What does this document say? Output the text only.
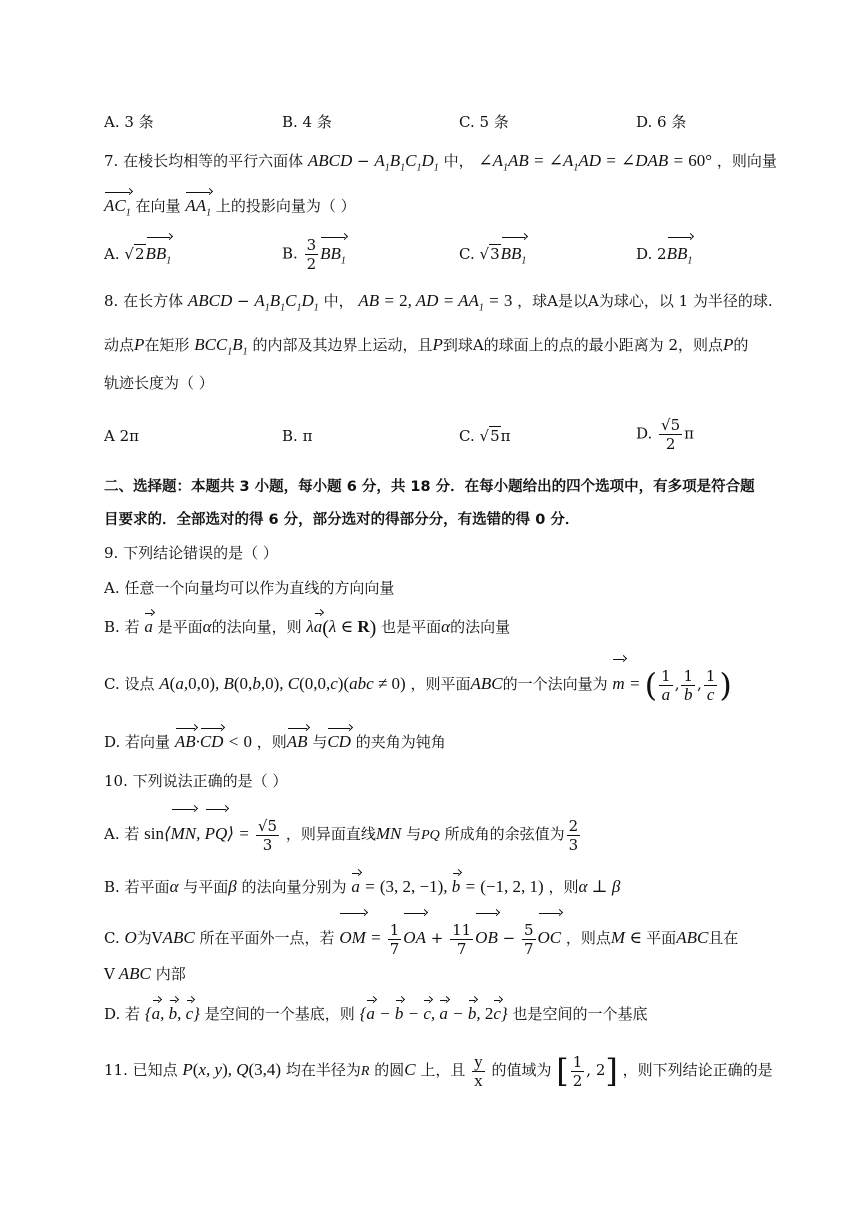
A. 3 条	B. 4 条	C. 5 条	D. 6 条
7. 在棱长均相等的平行六面体 ABCD − $A_1B_1C_1D_1$ 中， $\angle A_1AB$ = $\angle A_1AD$ = ∠DAB = 60° ，则向量
$AC_1$ 在向量 $AA_1$ 上的投影向量为（ ）
A. $√2BB_1$	B. $\frac{3}{2} BB_1$	C. $√3BB_1$	D. $2BB_1$
8. 在长方体 ABCD − $A_1B_1C_1D_1$ 中， AB = 2, AD = $AA_1 = 3$ ，球A是以A为球心，以 1 为半径的球.
动点P在矩形 $BCC_1B_1$ 的内部及其边界上运动，且P到球A的球面上的点的最小距离为 2，则点P的
轨迹长度为（ ）
A 2π	B. π	C. √5π	D. $\frac{√5}{2}$ π
二、选择题：本题共 3 小题，每小题 6 分，共 18 分．在每小题给出的四个选项中，有多项是符合题
目要求的．全部选对的得 6 分，部分选对的得部分分，有选错的得 0 分．
9. 下列结论错误的是（ ）
A. 任意一个向量均可以作为直线的方向向量
B. 若 a 是平面α的法向量，则 λa(λ ∈ R) 也是平面α的法向量
C. 设点 A(a,0,0), B(0,b,0), C(0,0,c)(abc ≠ 0) ，则平面ABC的一个法向量为 m = ( $\frac{1}{a}$ , $\frac{1}{b}$ , $\frac{1}{c}$ )
D. 若向量 AB·CD < 0 ，则AB 与CD 的夹角为钝角
10. 下列说法正确的是（ ）
A. 若 sin⟨MN, PQ⟩ = $\frac{√5}{3}$ ，则异面直线MN 与PQ 所成角的余弦值为 $\frac{2}{3}$
B. 若平面α 与平面β 的法向量分别为 a = (3, 2, −1), b = (−1, 2, 1) ，则α ⊥ β
C. O为VABC 所在平面外一点，若 OM = $\frac{1}{7}$ OA + $\frac{11}{7}$ OB − $\frac{5}{7}$ OC ，则点M ∈ 平面ABC且在
V ABC 内部
D. 若 {a, b, c} 是空间的一个基底，则 {a − b − c, a − b, 2c} 也是空间的一个基底
11. 已知点 P(x, y), Q(3,4) 均在半径为R 的圆C 上，且 $\frac{y}{x}$ 的值域为 [ $\frac{1}{2}$ , 2] ，则下列结论正确的是
